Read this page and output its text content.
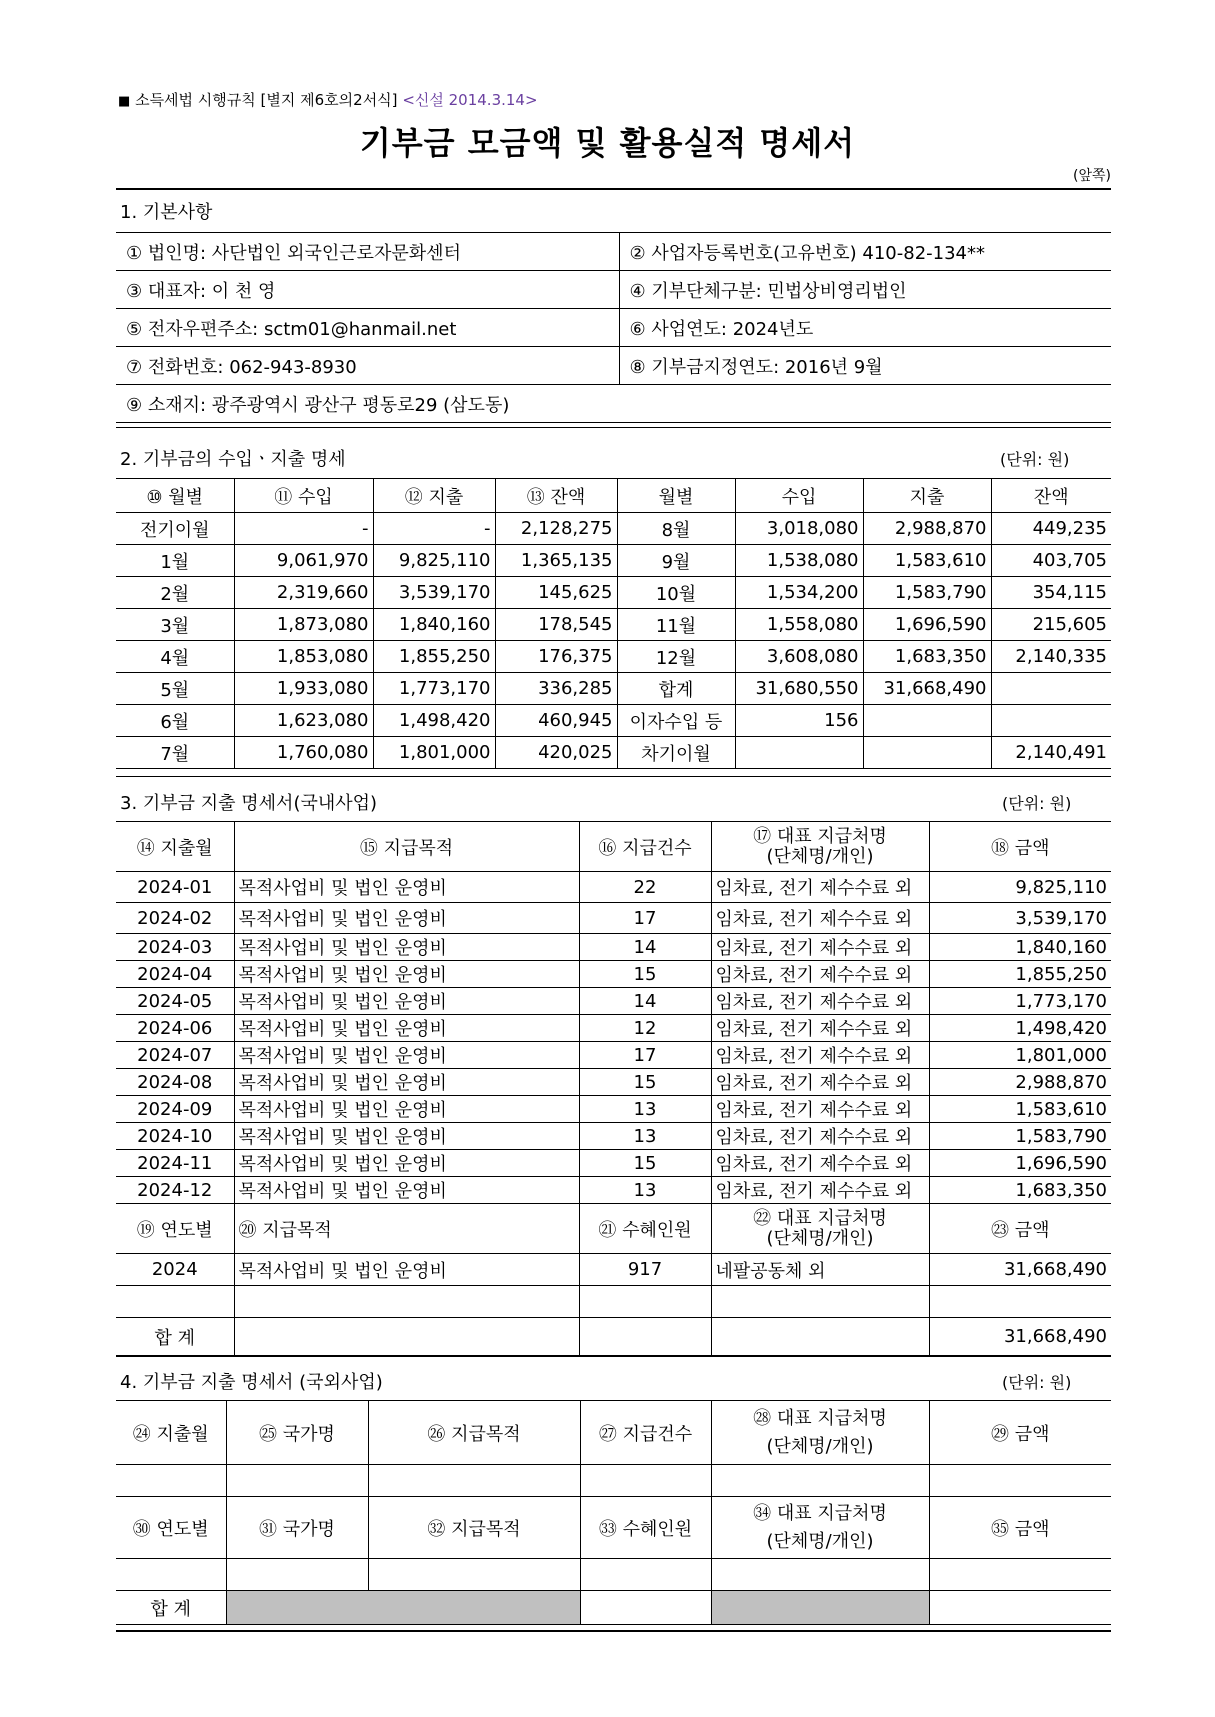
■ 소득세법 시행규칙 [별지 제6호의2서식] <신설 2014.3.14>
기부금 모금액 및 활용실적 명세서
(앞쪽)
1. 기본사항
① 법인명: 사단법인 외국인근로자문화센터	② 사업자등록번호(고유번호) 410-82-134**
③ 대표자: 이 천 영	④ 기부단체구분: 민법상비영리법인
⑤ 전자우편주소: sctm01@hanmail.net	⑥ 사업연도: 2024년도
⑦ 전화번호: 062-943-8930	⑧ 기부금지정연도: 2016년 9월
⑨ 소재지: 광주광역시 광산구 평동로29 (삼도동)	
2. 기부금의 수입ㆍ지출 명세	(단위: 원)
⑩ 월별	⑪ 수입	⑫ 지출	⑬ 잔액	월별	수입	지출	잔액
전기이월	-	-	2,128,275	8월	3,018,080	2,988,870	449,235
1월	9,061,970	9,825,110	1,365,135	9월	1,538,080	1,583,610	403,705
2월	2,319,660	3,539,170	145,625	10월	1,534,200	1,583,790	354,115
3월	1,873,080	1,840,160	178,545	11월	1,558,080	1,696,590	215,605
4월	1,853,080	1,855,250	176,375	12월	3,608,080	1,683,350	2,140,335
5월	1,933,080	1,773,170	336,285	합계	31,680,550	31,668,490	
6월	1,623,080	1,498,420	460,945	이자수입 등	156		
7월	1,760,080	1,801,000	420,025	차기이월			2,140,491
3. 기부금 지출 명세서(국내사업)	(단위: 원)
⑭ 지출월	⑮ 지급목적	⑯ 지급건수	⑰ 대표 지급처명
(단체명/개인)	⑱ 금액
2024-01	목적사업비 및 법인 운영비	22	임차료, 전기 제수수료 외	9,825,110
2024-02	목적사업비 및 법인 운영비	17	임차료, 전기 제수수료 외	3,539,170
2024-03	목적사업비 및 법인 운영비	14	임차료, 전기 제수수료 외	1,840,160
2024-04	목적사업비 및 법인 운영비	15	임차료, 전기 제수수료 외	1,855,250
2024-05	목적사업비 및 법인 운영비	14	임차료, 전기 제수수료 외	1,773,170
2024-06	목적사업비 및 법인 운영비	12	임차료, 전기 제수수료 외	1,498,420
2024-07	목적사업비 및 법인 운영비	17	임차료, 전기 제수수료 외	1,801,000
2024-08	목적사업비 및 법인 운영비	15	임차료, 전기 제수수료 외	2,988,870
2024-09	목적사업비 및 법인 운영비	13	임차료, 전기 제수수료 외	1,583,610
2024-10	목적사업비 및 법인 운영비	13	임차료, 전기 제수수료 외	1,583,790
2024-11	목적사업비 및 법인 운영비	15	임차료, 전기 제수수료 외	1,696,590
2024-12	목적사업비 및 법인 운영비	13	임차료, 전기 제수수료 외	1,683,350
⑲ 연도별	⑳ 지급목적	㉑ 수혜인원	㉒ 대표 지급처명
(단체명/개인)	㉓ 금액
2024	목적사업비 및 법인 운영비	917	네팔공동체 외	31,668,490

합 계				31,668,490
4. 기부금 지출 명세서 (국외사업)	(단위: 원)
㉔ 지출월	㉕ 국가명	㉖ 지급목적	㉗ 지급건수	㉘ 대표 지급처명
(단체명/개인)	㉙ 금액

㉚ 연도별	㉛ 국가명	㉜ 지급목적	㉝ 수혜인원	㉞ 대표 지급처명
(단체명/개인)	㉟ 금액

합 계					
